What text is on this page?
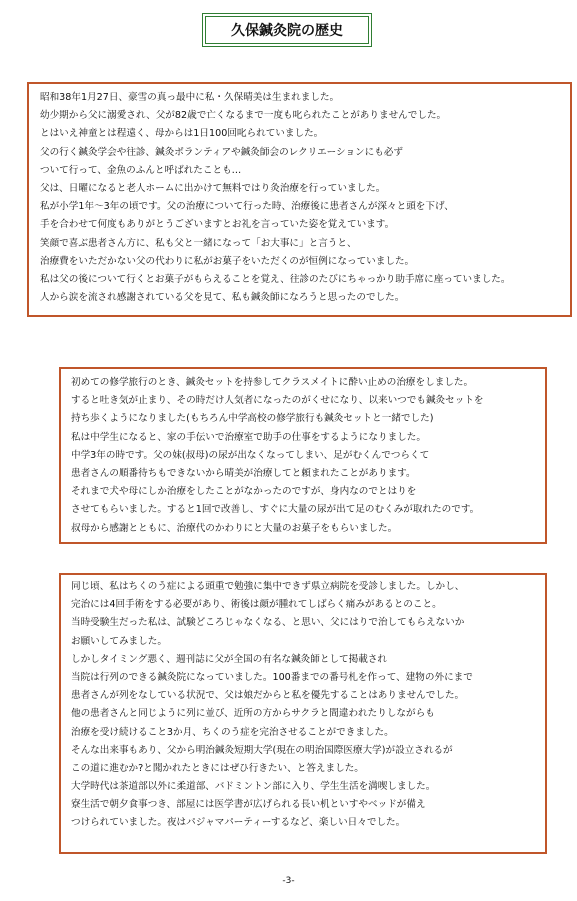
久保鍼灸院の歴史
昭和38年1月27日、豪雪の真っ最中に私・久保晴美は生まれました。
幼少期から父に溺愛され、父が82歳で亡くなるまで一度も叱られたことがありませんでした。
とはいえ神童とは程遠く、母からは1日100回叱られていました。
父の行く鍼灸学会や往診、鍼灸ボランティアや鍼灸師会のレクリエーションにも必ず
ついて行って、金魚のふんと呼ばれたことも…
父は、日曜になると老人ホームに出かけて無料ではり灸治療を行っていました。
私が小学1年～3年の頃です。父の治療について行った時、治療後に患者さんが深々と頭を下げ、
手を合わせて何度もありがとうございますとお礼を言っていた姿を覚えています。
笑顔で喜ぶ患者さん方に、私も父と一緒になって「お大事に」と言うと、
治療費をいただかない父の代わりに私がお菓子をいただくのが恒例になっていました。
私は父の後について行くとお菓子がもらえることを覚え、往診のたびにちゃっかり助手席に座っていました。
人から涙を流され感謝されている父を見て、私も鍼灸師になろうと思ったのでした。
初めての修学旅行のとき、鍼灸セットを持参してクラスメイトに酔い止めの治療をしました。
すると吐き気が止まり、その時だけ人気者になったのがくせになり、以来いつでも鍼灸セットを
持ち歩くようになりました(もちろん中学高校の修学旅行も鍼灸セットと一緒でした)
私は中学生になると、家の手伝いで治療室で助手の仕事をするようになりました。
中学3年の時です。父の妹(叔母)の尿が出なくなってしまい、足がむくんでつらくて
患者さんの順番待ちもできないから晴美が治療してと頼まれたことがあります。
それまで犬や母にしか治療をしたことがなかったのですが、身内なのでとはりを
させてもらいました。すると1回で改善し、すぐに大量の尿が出て足のむくみが取れたのです。
叔母から感謝とともに、治療代のかわりにと大量のお菓子をもらいました。
同じ頃、私はちくのう症による頭重で勉強に集中できず県立病院を受診しました。しかし、
完治には4回手術をする必要があり、術後は顔が腫れてしばらく痛みがあるとのこと。
当時受験生だった私は、試験どころじゃなくなる、と思い、父にはりで治してもらえないか
お願いしてみました。
しかしタイミング悪く、週刊誌に父が全国の有名な鍼灸師として掲載され
当院は行列のできる鍼灸院になっていました。100番までの番号札を作って、建物の外にまで
患者さんが列をなしている状況で、父は娘だからと私を優先することはありませんでした。
他の患者さんと同じように列に並び、近所の方からサクラと間違われたりしながらも
治療を受け続けること3か月、ちくのう症を完治させることができました。
そんな出来事もあり、父から明治鍼灸短期大学(現在の明治国際医療大学)が設立されるが
この道に進むか?と聞かれたときにはぜひ行きたい、と答えました。
大学時代は茶道部以外に柔道部、バドミントン部に入り、学生生活を満喫しました。
寮生活で朝夕食事つき、部屋には医学書が広げられる長い机といすやベッドが備え
つけられていました。夜はパジャマパーティーするなど、楽しい日々でした。
-3-
